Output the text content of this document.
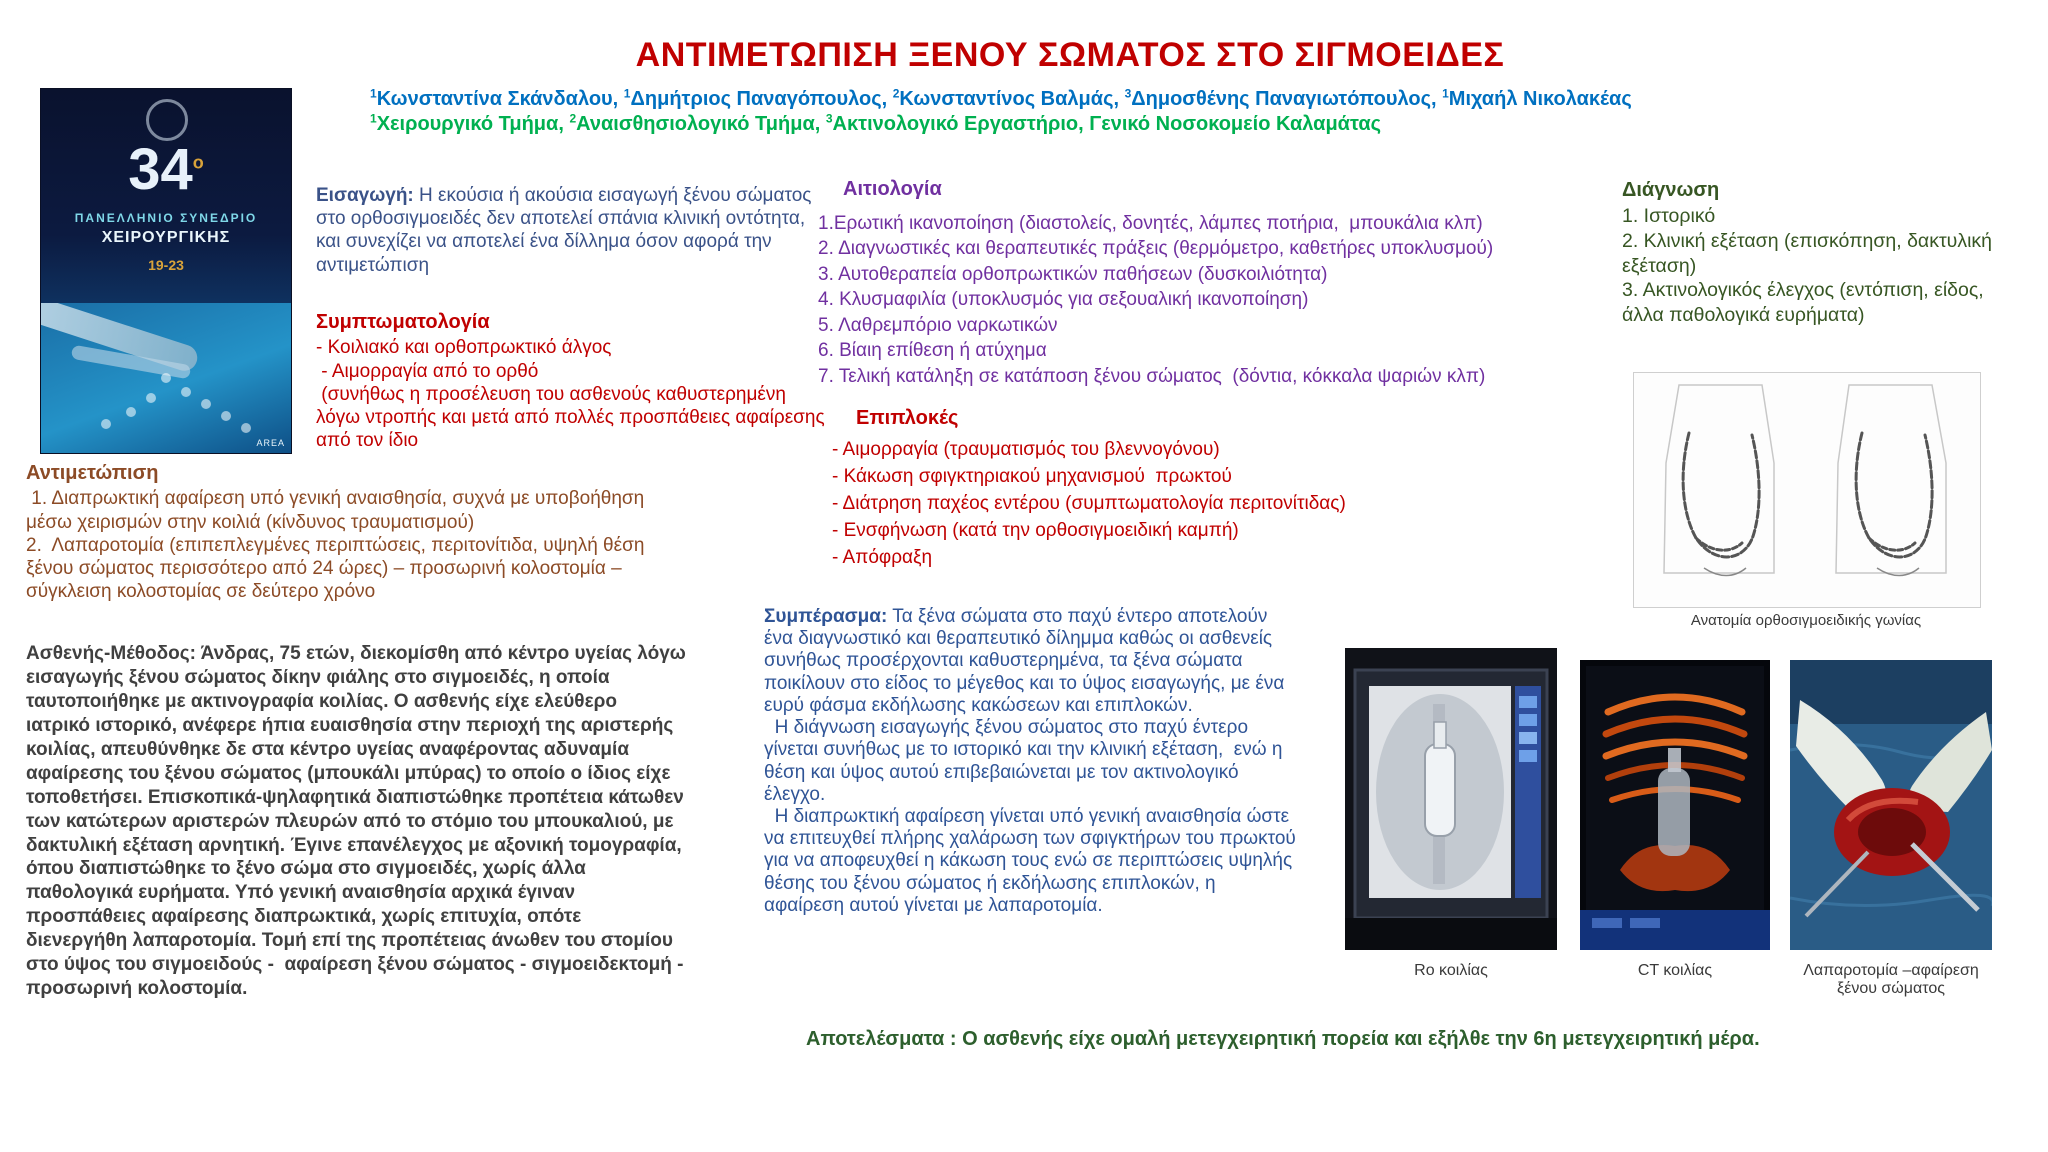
ΑΝΤΙΜΕΤΩΠΙΣΗ ΞΕΝΟΥ ΣΩΜΑΤΟΣ ΣΤΟ ΣΙΓΜΟΕΙΔΕΣ
$^1$Κωνσταντίνα Σκάνδαλου, $^1$Δημήτριος Παναγόπουλος, $^2$Κωνσταντίνος Βαλμάς, $^3$Δημοσθένης Παναγιωτόπουλος, $^1$Μιχαήλ Νικολακέας
$^1$Χειρουργικό Τμήμα, $^2$Αναισθησιολογικό Τμήμα, $^3$Ακτινολογικό Εργαστήριο, Γενικό Νοσοκομείο Καλαμάτας
$34^o$
ΠΑΝΕΛΛΗΝΙΟ ΣΥΝΕΔΡΙΟ
ΧΕΙΡΟΥΡΓΙΚΗΣ
19-23
AREA
Εισαγωγή: Η εκούσια ή ακούσια εισαγωγή ξένου σώματος στο ορθοσιγμοειδές δεν αποτελεί σπάνια κλινική οντότητα, και συνεχίζει να αποτελεί ένα δίλλημα όσον αφορά την αντιμετώπιση
Συμπτωματολογία
- Κοιλιακό και ορθοπρωκτικό άλγος
- Αιμορραγία από το ορθό
(συνήθως η προσέλευση του ασθενούς καθυστερημένη λόγω ντροπής και μετά από πολλές προσπάθειες αφαίρεσης από τον ίδιο
Αντιμετώπιση
1. Διαπρωκτική αφαίρεση υπό γενική αναισθησία, συχνά με υποβοήθηση μέσω χειρισμών στην κοιλιά (κίνδυνος τραυματισμού)
2.  Λαπαροτομία (επιπεπλεγμένες περιπτώσεις, περιτονίτιδα, υψηλή θέση ξένου σώματος περισσότερο από 24 ώρες) – προσωρινή κολοστομία – σύγκλειση κολοστομίας σε δεύτερο χρόνο
Ασθενής-Μέθοδος: Άνδρας, 75 ετών, διεκομίσθη από κέντρο υγείας λόγω εισαγωγής ξένου σώματος δίκην φιάλης στο σιγμοειδές, η οποία ταυτοποιήθηκε με ακτινογραφία κοιλίας. Ο ασθενής είχε ελεύθερο ιατρικό ιστορικό, ανέφερε ήπια ευαισθησία στην περιοχή της αριστερής κοιλίας, απευθύνθηκε δε στα κέντρο υγείας αναφέροντας αδυναμία αφαίρεσης του ξένου σώματος (μπουκάλι μπύρας) το οποίο ο ίδιος είχε τοποθετήσει. Επισκοπικά-ψηλαφητικά διαπιστώθηκε προπέτεια κάτωθεν των κατώτερων αριστερών πλευρών από το στόμιο του μπουκαλιού, με δακτυλική εξέταση αρνητική. Έγινε επανέλεγχος με αξονική τομογραφία, όπου διαπιστώθηκε το ξένο σώμα στο σιγμοειδές, χωρίς άλλα παθολογικά ευρήματα. Υπό γενική αναισθησία αρχικά έγιναν προσπάθειες αφαίρεσης διαπρωκτικά, χωρίς επιτυχία, οπότε διενεργήθη λαπαροτομία. Τομή επί της προπέτειας άνωθεν του στομίου στο ύψος του σιγμοειδούς -  αφαίρεση ξένου σώματος - σιγμοειδεκτομή - προσωρινή κολοστομία.
Αιτιολογία
1.Ερωτική ικανοποίηση (διαστολείς, δονητές, λάμπες ποτήρια,  μπουκάλια κλπ)
2. Διαγνωστικές και θεραπευτικές πράξεις (θερμόμετρο, καθετήρες υποκλυσμού)
3. Αυτοθεραπεία ορθοπρωκτικών παθήσεων (δυσκοιλιότητα)
4. Κλυσμαφιλία (υποκλυσμός για σεξουαλική ικανοποίηση)
5. Λαθρεμπόριο ναρκωτικών
6. Βίαιη επίθεση ή ατύχημα
7. Τελική κατάληξη σε κατάποση ξένου σώματος  (δόντια, κόκκαλα ψαριών κλπ)
Επιπλοκές
- Αιμορραγία (τραυματισμός του βλεννογόνου)
- Κάκωση σφιγκτηριακού μηχανισμού  πρωκτού
- Διάτρηση παχέος εντέρου (συμπτωματολογία περιτονίτιδας)
- Ενσφήνωση (κατά την ορθοσιγμοειδική καμπή)
- Απόφραξη
Συμπέρασμα: Τα ξένα σώματα στο παχύ έντερο αποτελούν ένα διαγνωστικό και θεραπευτικό δίλημμα καθώς οι ασθενείς  συνήθως προσέρχονται καθυστερημένα, τα ξένα σώματα ποικίλουν στο είδος το μέγεθος και το ύψος εισαγωγής, με ένα ευρύ φάσμα εκδήλωσης κακώσεων και επιπλοκών.
Η διάγνωση εισαγωγής ξένου σώματος στο παχύ έντερο γίνεται συνήθως με το ιστορικό και την κλινική εξέταση,  ενώ η θέση και ύψος αυτού επιβεβαιώνεται με τον ακτινολογικό έλεγχο.
Η διαπρωκτική αφαίρεση γίνεται υπό γενική αναισθησία ώστε να επιτευχθεί πλήρης χαλάρωση των σφιγκτήρων του πρωκτού για να αποφευχθεί η κάκωση τους ενώ σε περιπτώσεις υψηλής θέσης του ξένου σώματος ή εκδήλωσης επιπλοκών, η αφαίρεση αυτού γίνεται με λαπαροτομία.
Διάγνωση
1. Ιστορικό
2. Κλινική εξέταση (επισκόπηση, δακτυλική εξέταση)
3. Ακτινολογικός έλεγχος (εντόπιση, είδος, άλλα παθολογικά ευρήματα)
Ανατομία ορθοσιγμοειδικής γωνίας
Ro κοιλίας	CT κοιλίας	Λαπαροτομία –αφαίρεση ξένου σώματος
Αποτελέσματα : Ο ασθενής είχε ομαλή μετεγχειρητική πορεία και εξήλθε την 6η μετεγχειρητική μέρα.
